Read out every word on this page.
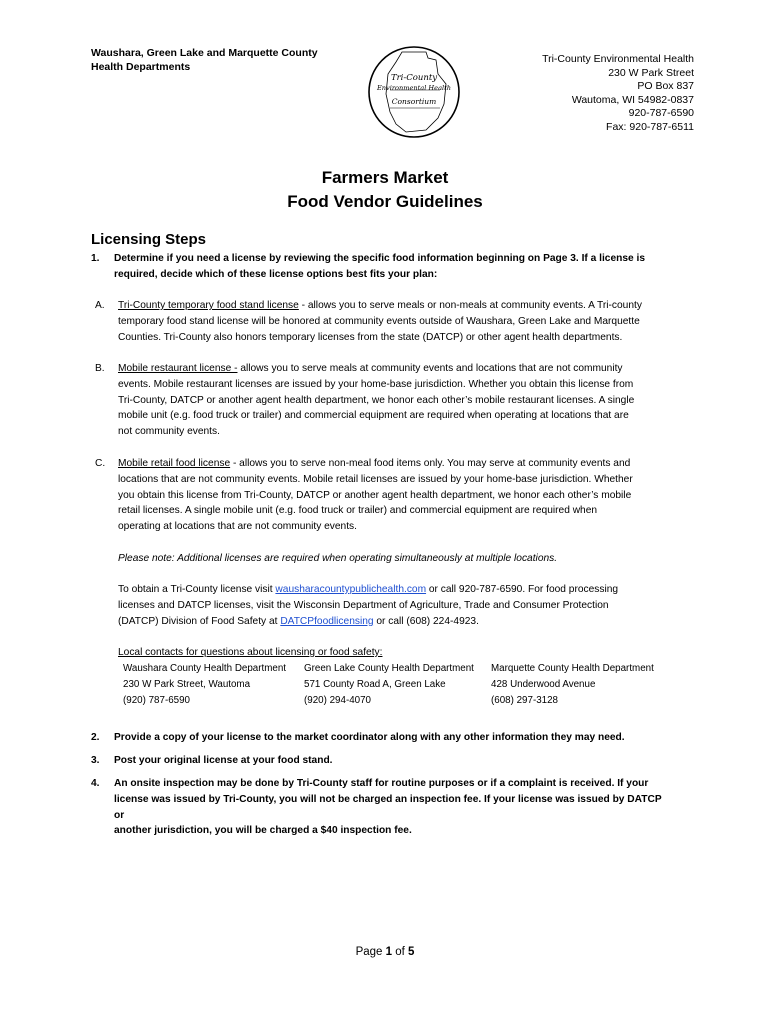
Waushara, Green Lake and Marquette County
Health Departments
Tri-County
Environmental Health
Consortium
Tri-County Environmental Health
230 W Park Street
PO Box 837
Wautoma, WI 54982-0837
920-787-6590
Fax: 920-787-6511
Farmers Market
Food Vendor Guidelines
Licensing Steps
1. Determine if you need a license by reviewing the specific food information beginning on Page 3. If a license is
required, decide which of these license options best fits your plan:
A. Tri-County temporary food stand license - allows you to serve meals or non-meals at community events. A Tri-county
temporary food stand license will be honored at community events outside of Waushara, Green Lake and Marquette
Counties. Tri-County also honors temporary licenses from the state (DATCP) or other agent health departments.
B. Mobile restaurant license - allows you to serve meals at community events and locations that are not community
events. Mobile restaurant licenses are issued by your home-base jurisdiction. Whether you obtain this license from
Tri-County, DATCP or another agent health department, we honor each other’s mobile restaurant licenses. A single
mobile unit (e.g. food truck or trailer) and commercial equipment are required when operating at locations that are
not community events.
C. Mobile retail food license - allows you to serve non-meal food items only. You may serve at community events and
locations that are not community events. Mobile retail licenses are issued by your home-base jurisdiction. Whether
you obtain this license from Tri-County, DATCP or another agent health department, we honor each other’s mobile
retail licenses. A single mobile unit (e.g. food truck or trailer) and commercial equipment are required when
operating at locations that are not community events.
Please note: Additional licenses are required when operating simultaneously at multiple locations.
To obtain a Tri-County license visit wausharacountypublichealth.com or call 920-787-6590. For food processing
licenses and DATCP licenses, visit the Wisconsin Department of Agriculture, Trade and Consumer Protection
(DATCP) Division of Food Safety at DATCPfoodlicensing or call (608) 224-4923.
Local contacts for questions about licensing or food safety:
Waushara County Health Department
230 W Park Street, Wautoma
(920) 787-6590
Green Lake County Health Department
571 County Road A, Green Lake
(920) 294-4070
Marquette County Health Department
428 Underwood Avenue
(608) 297-3128
2. Provide a copy of your license to the market coordinator along with any other information they may need.
3. Post your original license at your food stand.
4. An onsite inspection may be done by Tri-County staff for routine purposes or if a complaint is received. If your
license was issued by Tri-County, you will not be charged an inspection fee. If your license was issued by DATCP or
another jurisdiction, you will be charged a $40 inspection fee.
Page 1 of 5
